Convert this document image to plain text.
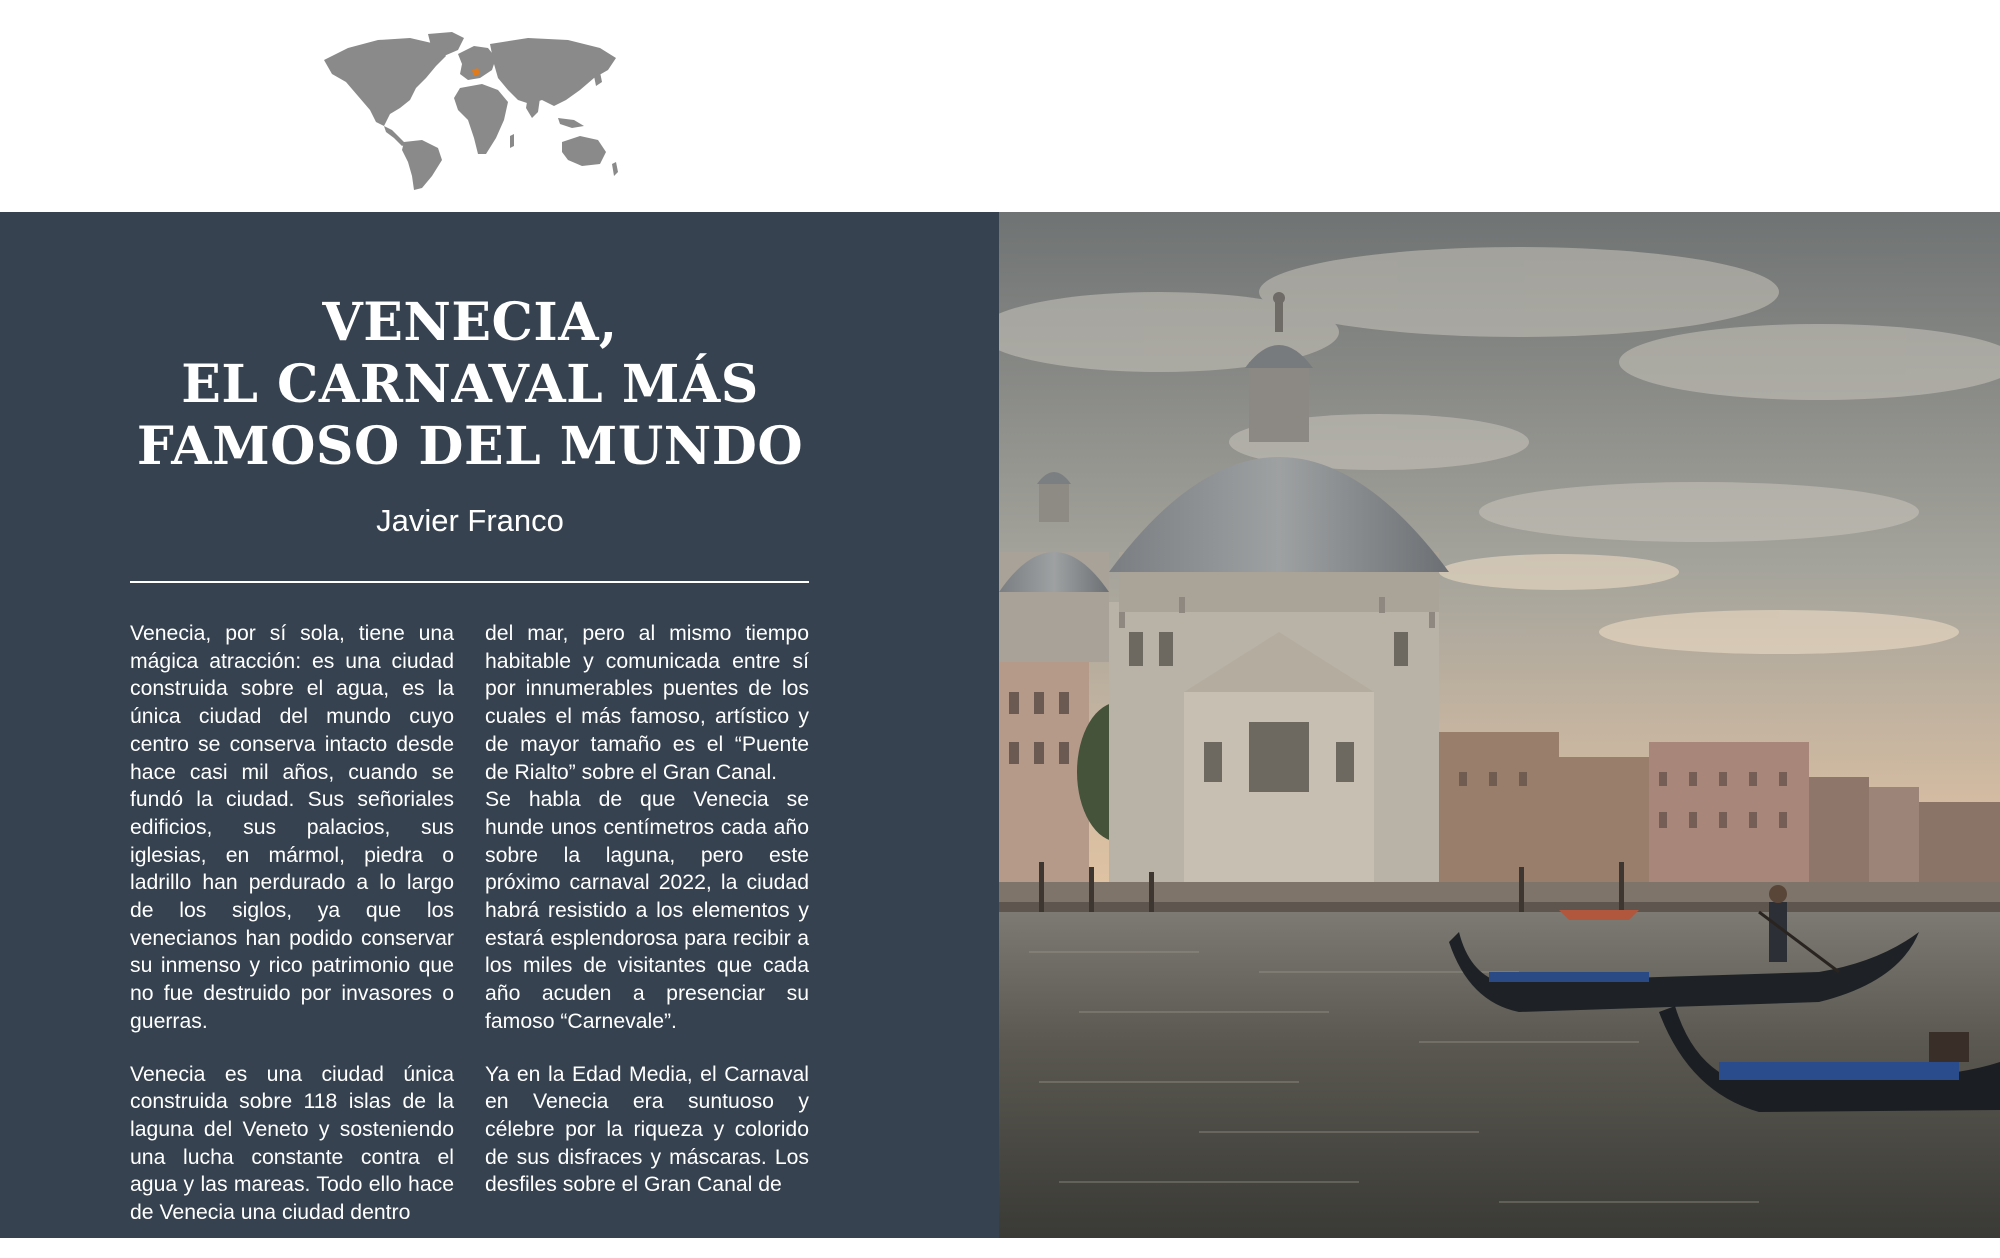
VENECIA,
EL CARNAVAL MÁS
FAMOSO DEL MUNDO
Javier Franco

Venecia, por sí sola, tiene una mágica atracción: es una ciudad construida sobre el agua, es la única ciudad del mundo cuyo centro se conserva intacto desde hace casi mil años, cuando se fundó la ciudad. Sus señoriales edificios, sus palacios, sus iglesias, en mármol, piedra o ladrillo han perdurado a lo largo de los siglos, ya que los venecianos han podido conservar su inmenso y rico patrimonio que no fue destruido por invasores o guerras.

Venecia es una ciudad única construida sobre 118 islas de la laguna del Veneto y sosteniendo una lucha constante contra el agua y las mareas. Todo ello hace de Venecia una ciudad dentro

del mar, pero al mismo tiempo habitable y comunicada entre sí por innumerables puentes de los cuales el más famoso, artístico y de mayor tamaño es el “Puente de Rialto” sobre el Gran Canal.

Se habla de que Venecia se hunde unos centímetros cada año sobre la laguna, pero este próximo carnaval 2022, la ciudad habrá resistido a los elementos y estará esplendorosa para recibir a los miles de visitantes que cada año acuden a presenciar su famoso “Carnevale”.

Ya en la Edad Media, el Carnaval en Venecia era suntuoso y célebre por la riqueza y colorido de sus disfraces y máscaras. Los desfiles sobre el Gran Canal de
